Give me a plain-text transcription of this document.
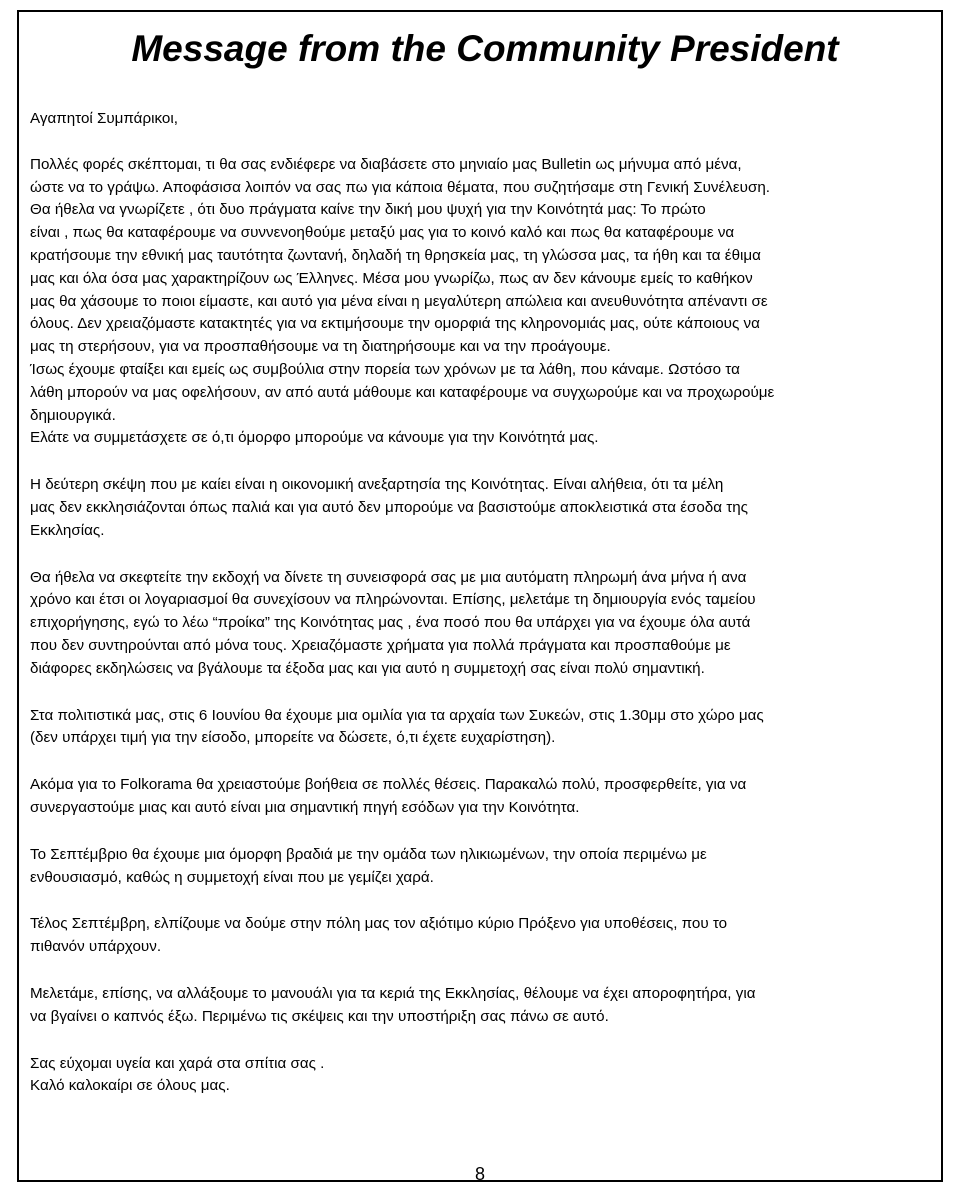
Message from the Community President

Αγαπητοί Συμπάρικοι,

Πολλές φορές σκέπτομαι, τι θα σας ενδιέφερε να διαβάσετε στο μηνιαίο μας Bulletin ως μήνυμα από μένα,

ώστε να το γράψω. Αποφάσισα λοιπόν να σας πω για κάποια θέματα, που συζητήσαμε στη Γενική Συνέλευση.

Θα ήθελα να γνωρίζετε , ότι δυο πράγματα καίνε την δική μου ψυχή για την Κοινότητά μας: Το πρώτο

είναι , πως θα καταφέρουμε να συννενοηθούμε μεταξύ μας για το κοινό καλό και πως θα καταφέρουμε να

κρατήσουμε την εθνική μας ταυτότητα ζωντανή, δηλαδή τη θρησκεία μας, τη γλώσσα μας, τα ήθη και τα έθιμα

μας και όλα όσα μας χαρακτηρίζουν ως Έλληνες. Μέσα μου γνωρίζω, πως αν δεν κάνουμε εμείς το καθήκον

μας θα χάσουμε το ποιοι είμαστε, και αυτό για μένα είναι η μεγαλύτερη απώλεια και ανευθυνότητα απέναντι σε

όλους. Δεν χρειαζόμαστε κατακτητές για να εκτιμήσουμε την ομορφιά της κληρονομιάς μας, ούτε κάποιους να

μας τη στερήσουν, για να προσπαθήσουμε να τη διατηρήσουμε και να την προάγουμε.

Ίσως έχουμε φταίξει και εμείς ως συμβούλια στην πορεία των χρόνων με τα λάθη, που κάναμε. Ωστόσο τα

λάθη μπορούν να μας οφελήσουν, αν από αυτά μάθουμε και καταφέρουμε να συγχωρούμε και να προχωρούμε

δημιουργικά.

Ελάτε να συμμετάσχετε σε ό,τι όμορφο μπορούμε να κάνουμε για την Κοινότητά μας.

Η δεύτερη σκέψη που με καίει είναι η οικονομική ανεξαρτησία της Κοινότητας. Είναι αλήθεια, ότι τα μέλη

μας δεν εκκλησιάζονται όπως παλιά και για αυτό δεν μπορούμε να βασιστούμε αποκλειστικά στα έσοδα της

Εκκλησίας.

Θα ήθελα να σκεφτείτε την εκδοχή να δίνετε τη συνεισφορά σας με μια αυτόματη πληρωμή άνα μήνα ή ανα

χρόνο και έτσι οι λογαριασμοί θα συνεχίσουν να πληρώνονται. Επίσης, μελετάμε τη δημιουργία ενός ταμείου

επιχορήγησης, εγώ το λέω “προίκα” της Κοινότητας μας , ένα ποσό που θα υπάρχει για να έχουμε όλα αυτά

που δεν συντηρούνται από μόνα τους. Χρειαζόμαστε χρήματα για πολλά πράγματα και προσπαθούμε με

διάφορες εκδηλώσεις να βγάλουμε τα έξοδα μας και για αυτό η συμμετοχή σας είναι πολύ σημαντική.

Στα πολιτιστικά μας, στις 6 Ιουνίου θα έχουμε μια ομιλία για τα αρχαία των Συκεών, στις 1.30μμ στο χώρο μας

(δεν υπάρχει τιμή για την είσοδο, μπορείτε να δώσετε, ό,τι έχετε ευχαρίστηση).

Ακόμα για το Folkorama θα χρειαστούμε βοήθεια σε πολλές θέσεις. Παρακαλώ πολύ, προσφερθείτε, για να

συνεργαστούμε μιας και αυτό είναι μια σημαντική πηγή εσόδων για την Κοινότητα.

Το Σεπτέμβριο θα έχουμε μια όμορφη βραδιά με την ομάδα των ηλικιωμένων, την οποία περιμένω με

ενθουσιασμό, καθώς η συμμετοχή είναι που με γεμίζει χαρά.

Τέλος Σεπτέμβρη, ελπίζουμε να δούμε στην πόλη μας τον αξιότιμο κύριο Πρόξενο για υποθέσεις, που το

πιθανόν υπάρχουν.

Μελετάμε, επίσης, να αλλάξουμε το μανουάλι για τα κεριά της Εκκλησίας, θέλουμε να έχει απoροφητήρα, για

να βγαίνει ο καπνός έξω. Περιμένω τις σκέψεις και την υποστήριξη σας πάνω σε αυτό.

Σας εύχομαι υγεία και χαρά στα σπίτια σας .

Καλό καλοκαίρι σε όλους μας.

8
